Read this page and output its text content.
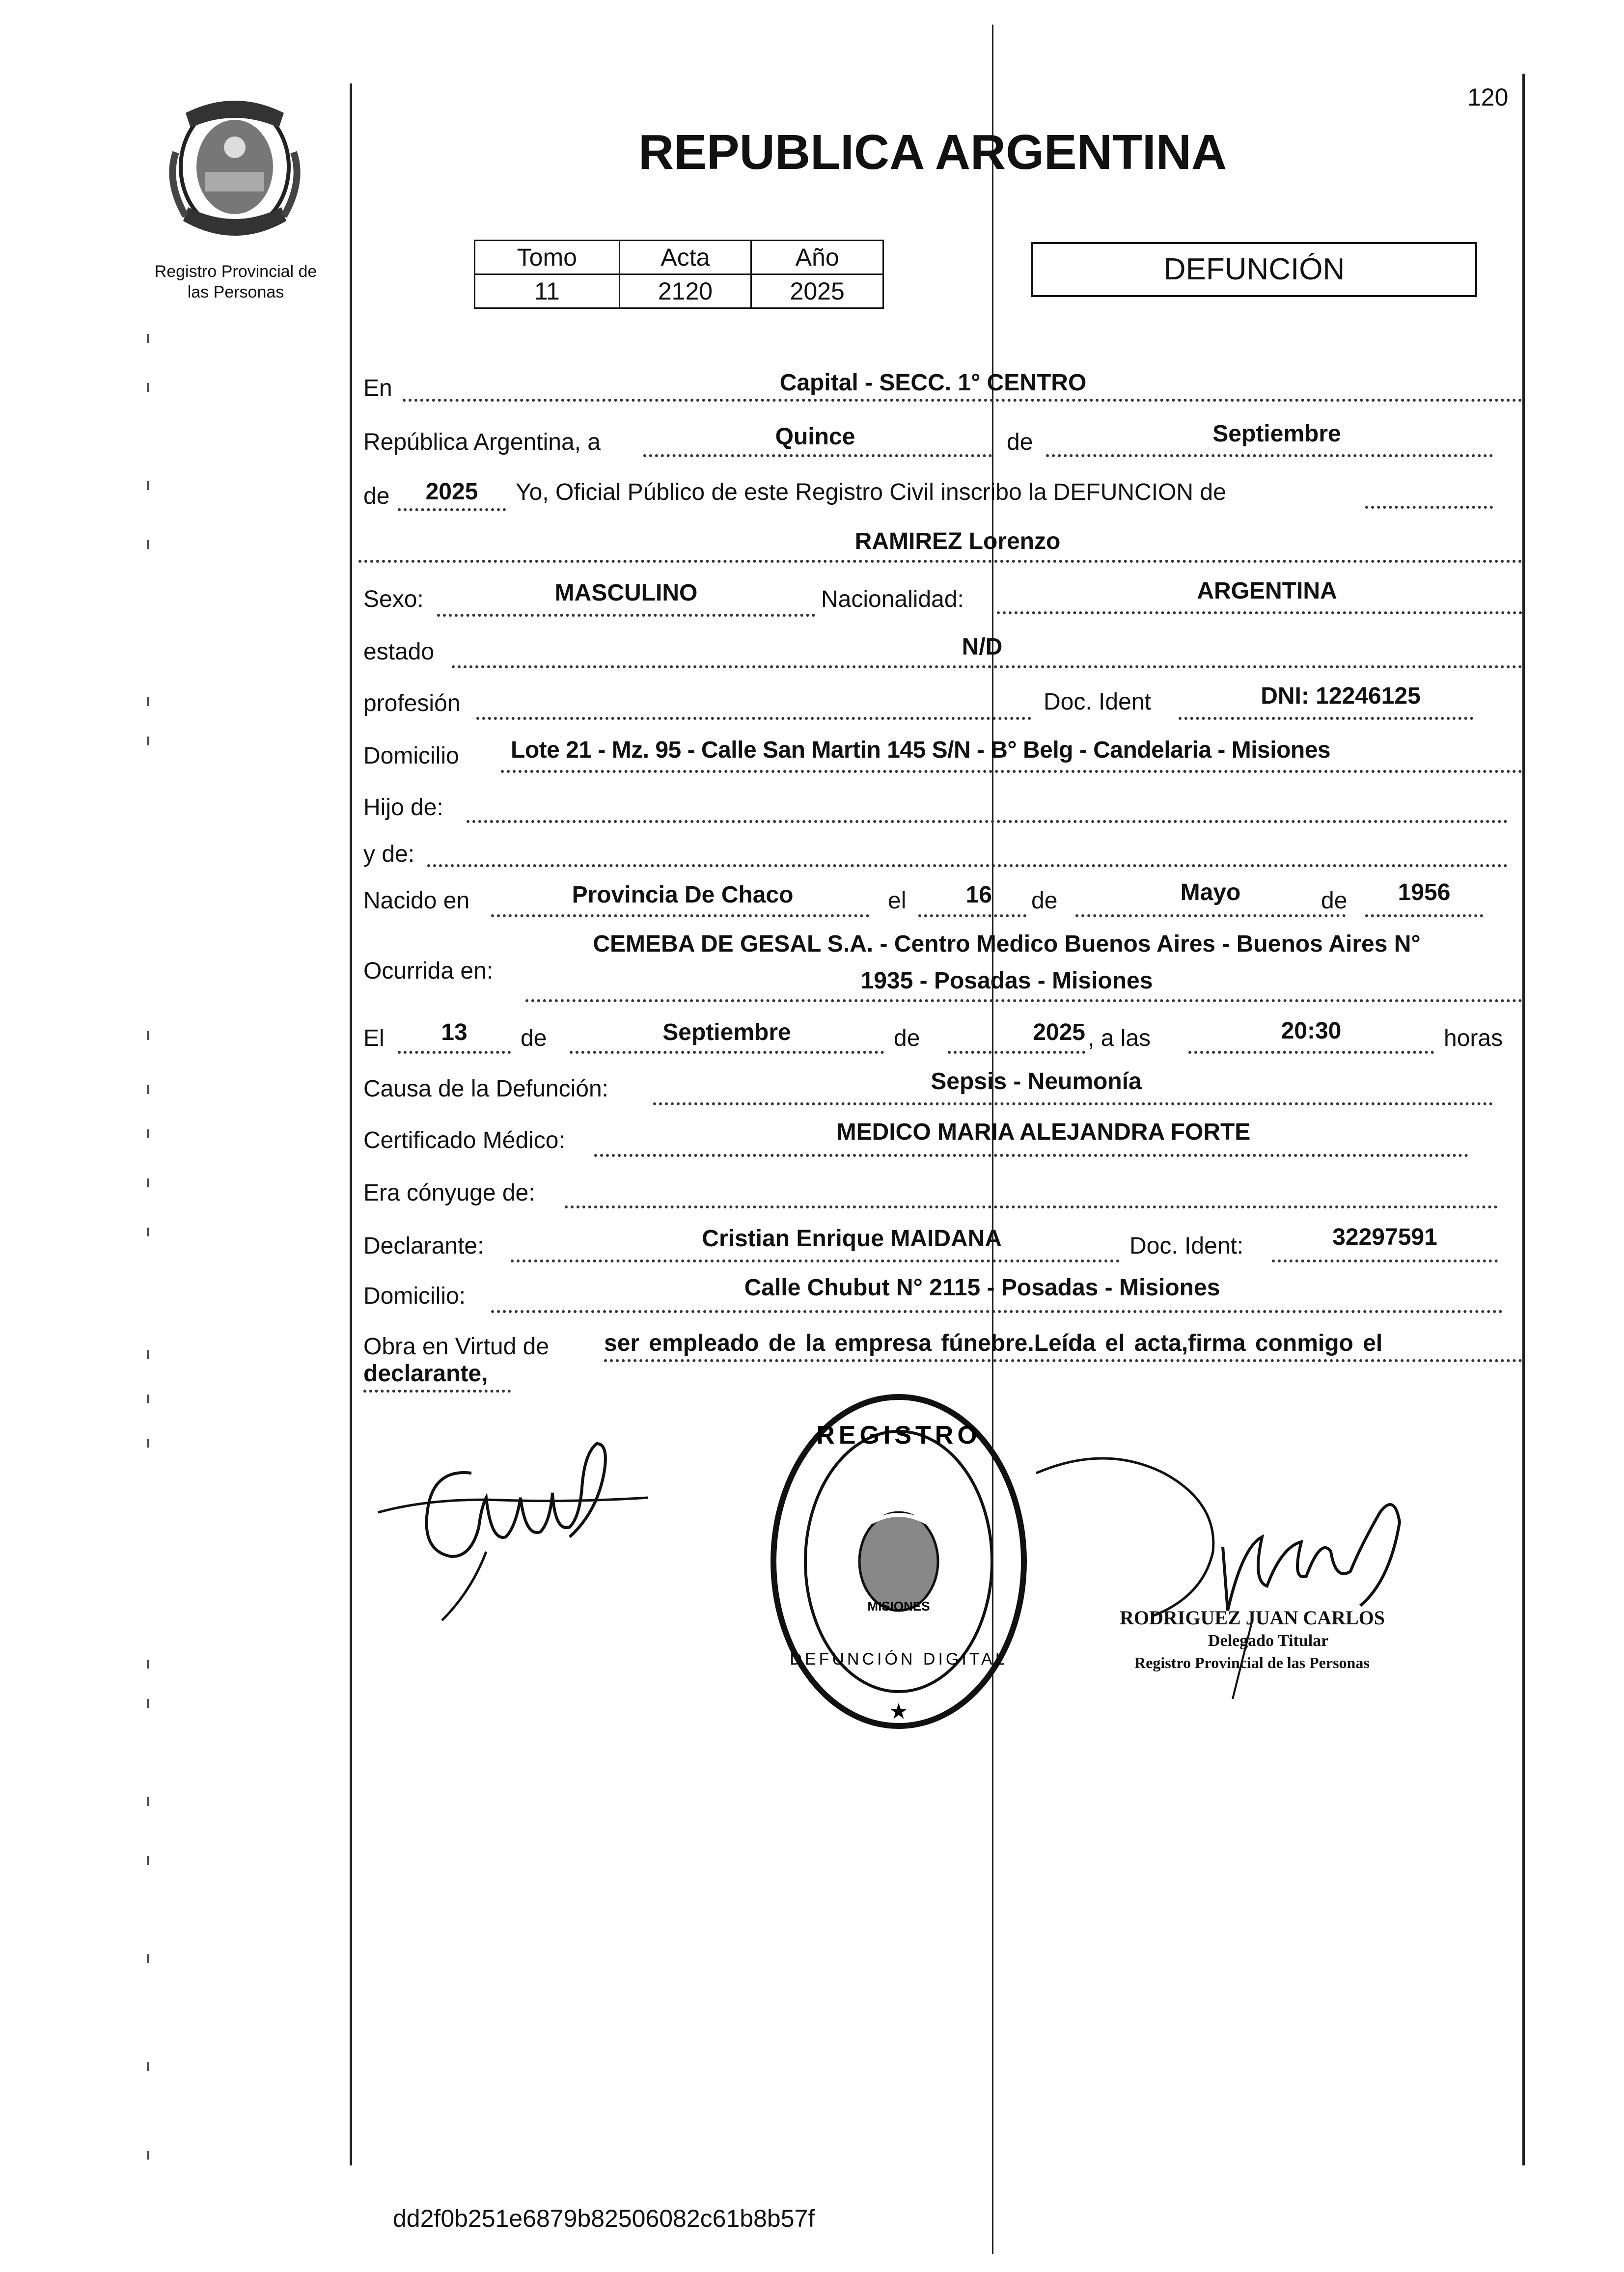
120
Registro Provincial de
las Personas
REPUBLICA ARGENTINA
Tomo	Acta	Año
11	2120	2025
DEFUNCIÓN
En	Capital - SECC. 1° CENTRO
República Argentina, a	Quince	de	Septiembre
de	2025	Yo, Oficial Público de este Registro Civil inscribo la DEFUNCION de
RAMIREZ Lorenzo
Sexo:	MASCULINO	Nacionalidad:	ARGENTINA
estado	N/D
profesión	Doc. Ident	DNI: 12246125
Domicilio Lote 21 - Mz. 95 - Calle San Martin 145 S/N - B° Belg - Candelaria - Misiones
Hijo de:
y de:
Nacido en	Provincia De Chaco	el	16 de	Mayo	de	1956
Ocurrida en:
CEMEBA DE GESAL S.A. - Centro Medico Buenos Aires - Buenos Aires N°
1935 - Posadas - Misiones
El	13	de	Septiembre	de	2025 , a las	20:30	horas
Causa de la Defunción:	Sepsis - Neumonía
Certificado Médico:	MEDICO MARIA ALEJANDRA FORTE
Era cónyuge de:
Declarante:	Cristian Enrique MAIDANA	Doc. Ident:	32297591
Domicilio:	Calle Chubut N° 2115 - Posadas - Misiones
Obra en Virtud de ser empleado de la empresa fúnebre.Leída el acta,firma conmigo el
declarante,
MISIONES
REGISTRO
DEFUNCIÓN DIGITAL
★
RODRIGUEZ JUAN CARLOS
Delegado Titular
Registro Provincial de las Personas
dd2f0b251e6879b82506082c61b8b57f
